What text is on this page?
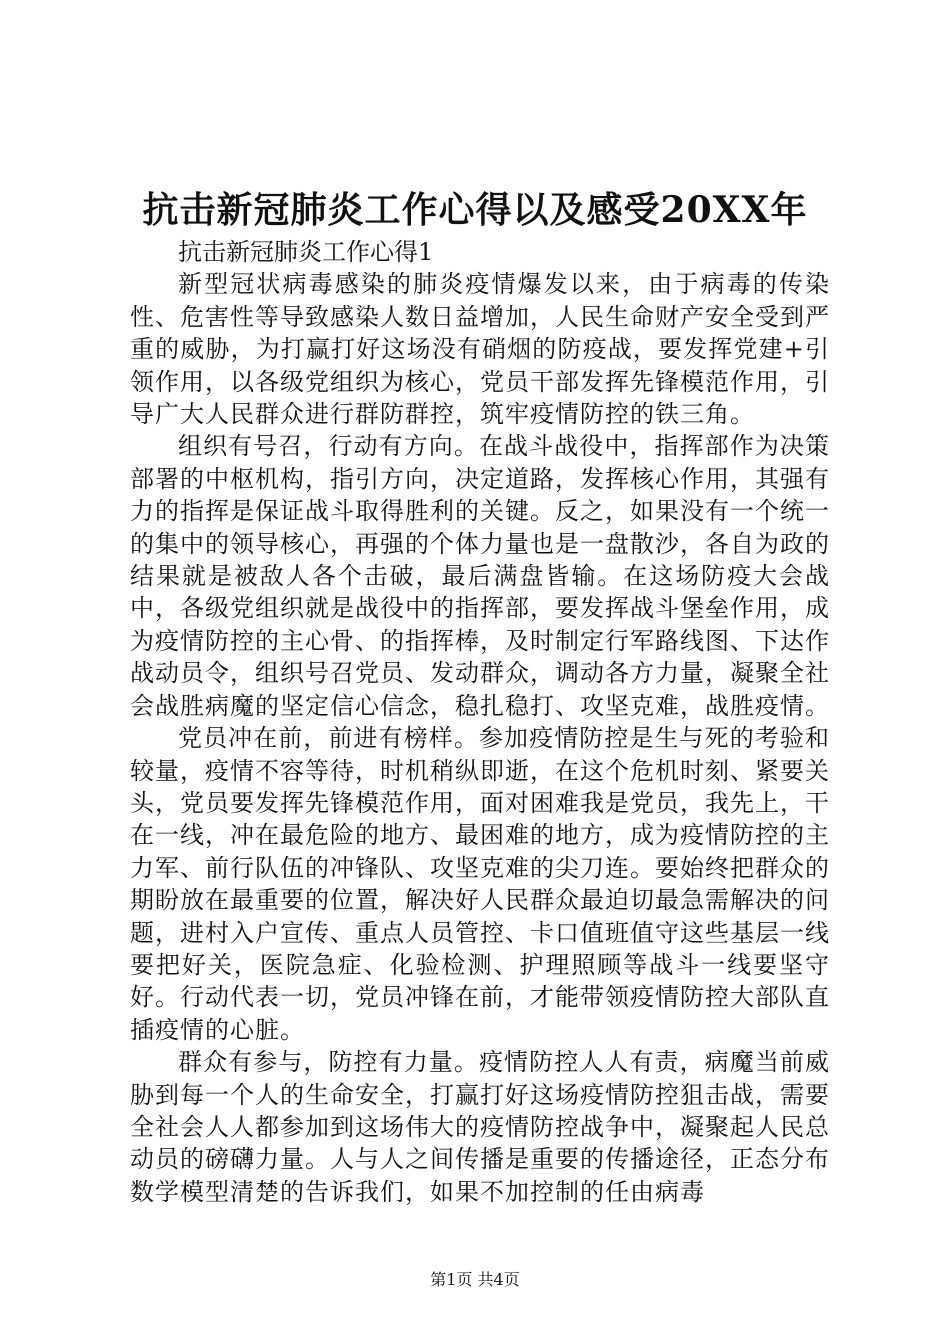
抗击新冠肺炎工作心得以及感受20XX年

抗击新冠肺炎工作心得1

新型冠状病毒感染的肺炎疫情爆发以来，由于病毒的传染性、危害性等导致感染人数日益增加，人民生命财产安全受到严重的威胁，为打赢打好这场没有硝烟的防疫战，要发挥党建+引领作用，以各级党组织为核心，党员干部发挥先锋模范作用，引导广大人民群众进行群防群控，筑牢疫情防控的铁三角。

组织有号召，行动有方向。在战斗战役中，指挥部作为决策部署的中枢机构，指引方向，决定道路，发挥核心作用，其强有力的指挥是保证战斗取得胜利的关键。反之，如果没有一个统一的集中的领导核心，再强的个体力量也是一盘散沙，各自为政的结果就是被敌人各个击破，最后满盘皆输。在这场防疫大会战中，各级党组织就是战役中的指挥部，要发挥战斗堡垒作用，成为疫情防控的主心骨、的指挥棒，及时制定行军路线图、下达作战动员令，组织号召党员、发动群众，调动各方力量，凝聚全社会战胜病魔的坚定信心信念，稳扎稳打、攻坚克难，战胜疫情。

党员冲在前，前进有榜样。参加疫情防控是生与死的考验和较量，疫情不容等待，时机稍纵即逝，在这个危机时刻、紧要关头，党员要发挥先锋模范作用，面对困难我是党员，我先上，干在一线，冲在最危险的地方、最困难的地方，成为疫情防控的主力军、前行队伍的冲锋队、攻坚克难的尖刀连。要始终把群众的期盼放在最重要的位置，解决好人民群众最迫切最急需解决的问题，进村入户宣传、重点人员管控、卡口值班值守这些基层一线要把好关，医院急症、化验检测、护理照顾等战斗一线要坚守好。行动代表一切，党员冲锋在前，才能带领疫情防控大部队直插疫情的心脏。

群众有参与，防控有力量。疫情防控人人有责，病魔当前威胁到每一个人的生命安全，打赢打好这场疫情防控狙击战，需要全社会人人都参加到这场伟大的疫情防控战争中，凝聚起人民总动员的磅礴力量。人与人之间传播是重要的传播途径，正态分布数学模型清楚的告诉我们，如果不加控制的任由病毒

第1页 共4页
